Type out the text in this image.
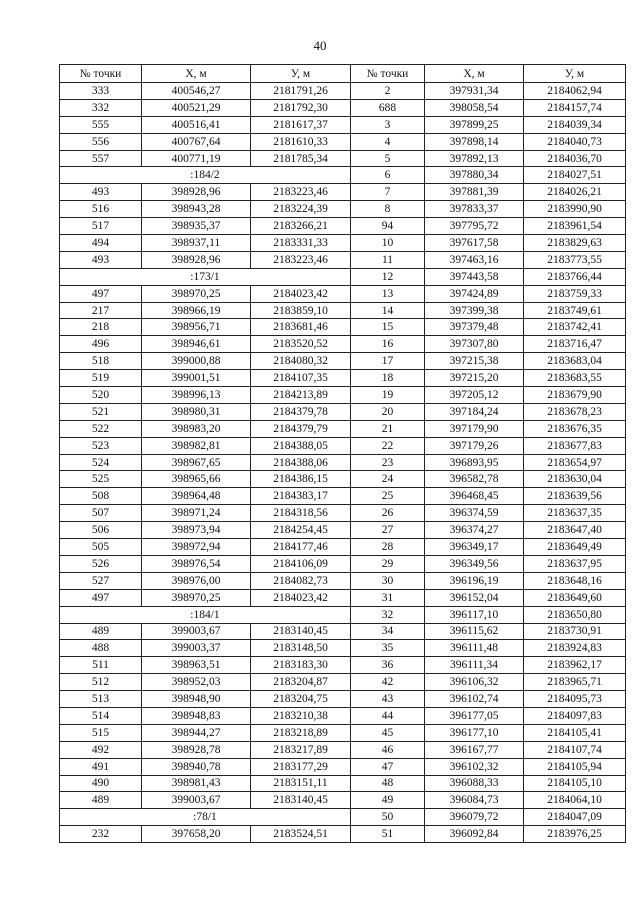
40
№ точки	Х, м	У, м	№ точки	Х, м	У, м
333	400546,27	2181791,26	2	397931,34	2184062,94
332	400521,29	2181792,30	688	398058,54	2184157,74
555	400516,41	2181617,37	3	397899,25	2184039,34
556	400767,64	2181610,33	4	397898,14	2184040,73
557	400771,19	2181785,34	5	397892,13	2184036,70
:184/2			6	397880,34	2184027,51
493	398928,96	2183223,46	7	397881,39	2184026,21
516	398943,28	2183224,39	8	397833,37	2183990,90
517	398935,37	2183266,21	94	397795,72	2183961,54
494	398937,11	2183331,33	10	397617,58	2183829,63
493	398928,96	2183223,46	11	397463,16	2183773,55
:173/1			12	397443,58	2183766,44
497	398970,25	2184023,42	13	397424,89	2183759,33
217	398966,19	2183859,10	14	397399,38	2183749,61
218	398956,71	2183681,46	15	397379,48	2183742,41
496	398946,61	2183520,52	16	397307,80	2183716,47
518	399000,88	2184080,32	17	397215,38	2183683,04
519	399001,51	2184107,35	18	397215,20	2183683,55
520	398996,13	2184213,89	19	397205,12	2183679,90
521	398980,31	2184379,78	20	397184,24	2183678,23
522	398983,20	2184379,79	21	397179,90	2183676,35
523	398982,81	2184388,05	22	397179,26	2183677,83
524	398967,65	2184388,06	23	396893,95	2183654,97
525	398965,66	2184386,15	24	396582,78	2183630,04
508	398964,48	2184383,17	25	396468,45	2183639,56
507	398971,24	2184318,56	26	396374,59	2183637,35
506	398973,94	2184254,45	27	396374,27	2183647,40
505	398972,94	2184177,46	28	396349,17	2183649,49
526	398976,54	2184106,09	29	396349,56	2183637,95
527	398976,00	2184082,73	30	396196,19	2183648,16
497	398970,25	2184023,42	31	396152,04	2183649,60
:184/1			32	396117,10	2183650,80
489	399003,67	2183140,45	34	396115,62	2183730,91
488	399003,37	2183148,50	35	396111,48	2183924,83
511	398963,51	2183183,30	36	396111,34	2183962,17
512	398952,03	2183204,87	42	396106,32	2183965,71
513	398948,90	2183204,75	43	396102,74	2184095,73
514	398948,83	2183210,38	44	396177,05	2184097,83
515	398944,27	2183218,89	45	396177,10	2184105,41
492	398928,78	2183217,89	46	396167,77	2184107,74
491	398940,78	2183177,29	47	396102,32	2184105,94
490	398981,43	2183151,11	48	396088,33	2184105,10
489	399003,67	2183140,45	49	396084,73	2184064,10
:78/1			50	396079,72	2184047,09
232	397658,20	2183524,51	51	396092,84	2183976,25
